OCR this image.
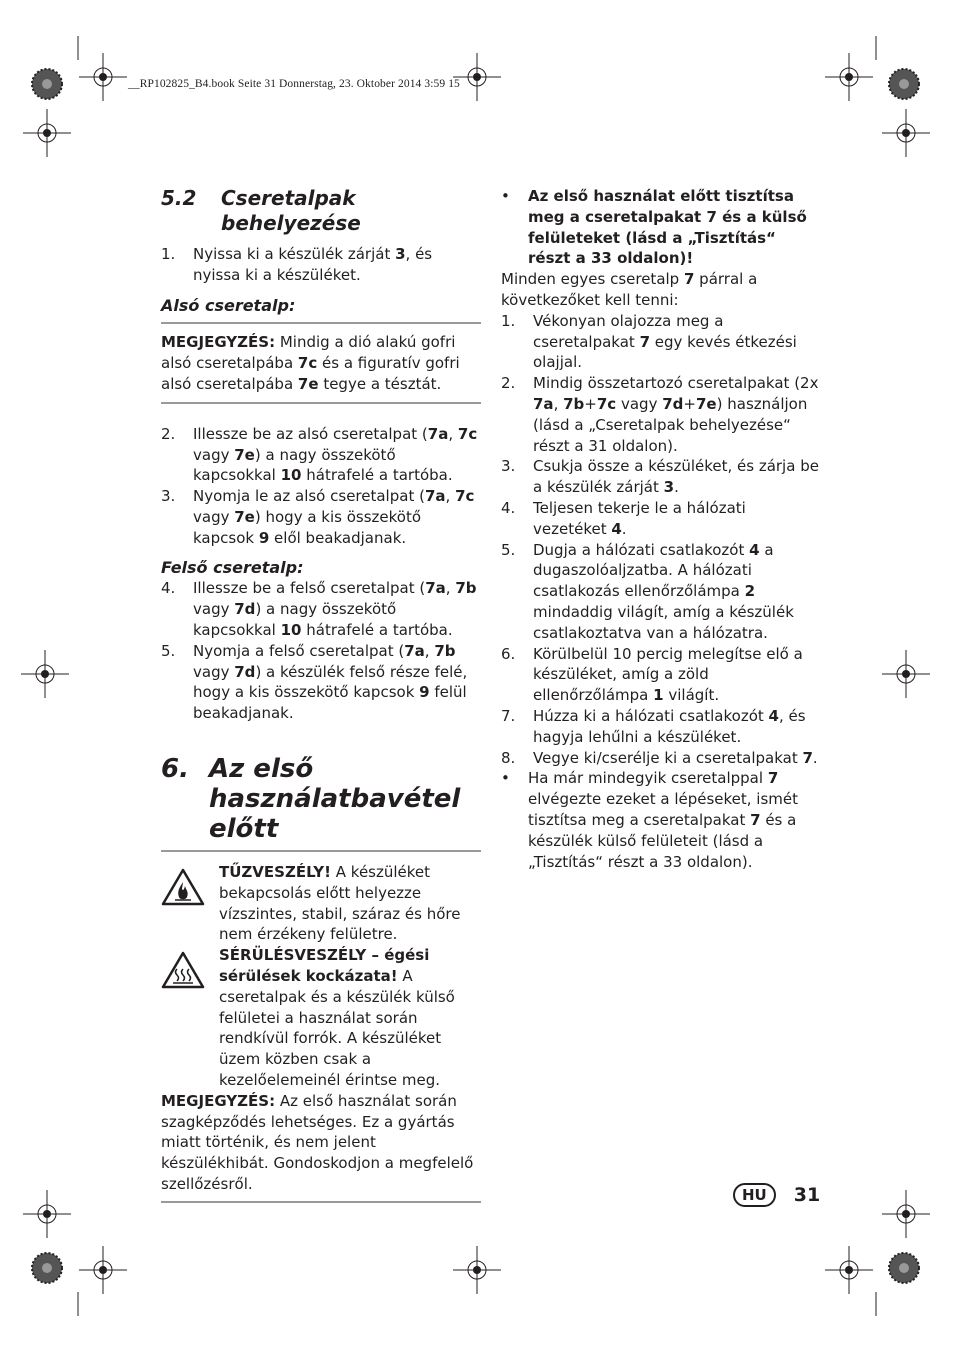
__RP102825_B4.book Seite 31 Donnerstag, 23. Oktober 2014 3:59 15
5.2	Cseretalpak behelyezése
1.	Nyissa ki a készülék zárját 3, és nyissa ki a készüléket.
Alsó cseretalp:

MEGJEGYZÉS: Mindig a dió alakú gofri alsó cseretalpába 7c és a figuratív gofri alsó cseretalpába 7e tegye a tésztát.

2.	Illessze be az alsó cseretalpat (7a, 7c vagy 7e) a nagy összekötő kapcsokkal 10 hátrafelé a tartóba.
3.	Nyomja le az alsó cseretalpat (7a, 7c vagy 7e) hogy a kis összekötő kapcsok 9 elől beakadjanak.
Felső cseretalp:
4.	Illessze be a felső cseretalpat (7a, 7b vagy 7d) a nagy összekötő kapcsokkal 10 hátrafelé a tartóba.
5.	Nyomja a felső cseretalpat (7a, 7b vagy 7d) a készülék felső része felé, hogy a kis összekötő kapcsok 9 felül beakadjanak.
6. Az első használatbavétel előtt
TŰZVESZÉLY! A készüléket bekapcsolás előtt helyezze vízszintes, stabil, száraz és hőre nem érzékeny felületre.
SÉRÜLÉSVESZÉLY – égési sérülések kockázata! A cseretalpak és a készülék külső felületei a használat során rendkívül forrók. A készüléket üzem közben csak a kezelőelemeinél érintse meg.

MEGJEGYZÉS: Az első használat során szagképződés lehetséges. Ez a gyártás miatt történik, és nem jelent készülékhibát. Gondoskodjon a megfelelő szellőzésről.

•	Az első használat előtt tisztítsa meg a cseretalpakat 7 és a külső felületeket (lásd a „Tisztítás“ részt a 33 oldalon)!

Minden egyes cseretalp 7 párral a következőket kell tenni:

1.	Vékonyan olajozza meg a cseretalpakat 7 egy kevés étkezési olajjal.
2.	Mindig összetartozó cseretalpakat (2x 7a, 7b+7c vagy 7d+7e) használjon (lásd a „Cseretalpak behelyezése“ részt a 31 oldalon).
3.	Csukja össze a készüléket, és zárja be a készülék zárját 3.
4.	Teljesen tekerje le a hálózati vezetéket 4.
5.	Dugja a hálózati csatlakozót 4 a dugaszolóaljzatba. A hálózati csatlakozás ellenőrzőlámpa 2 mindaddig világít, amíg a készülék csatlakoztatva van a hálózatra.
6.	Körülbelül 10 percig melegítse elő a készüléket, amíg a zöld ellenőrzőlámpa 1 világít.
7.	Húzza ki a hálózati csatlakozót 4, és hagyja lehűlni a készüléket.
8.	Vegye ki/cserélje ki a cseretalpakat 7.
•	Ha már mindegyik cseretalppal 7 elvégezte ezeket a lépéseket, ismét tisztítsa meg a cseretalpakat 7 és a készülék külső felületeit (lásd a „Tisztítás“ részt a 33 oldalon).
HU	31
